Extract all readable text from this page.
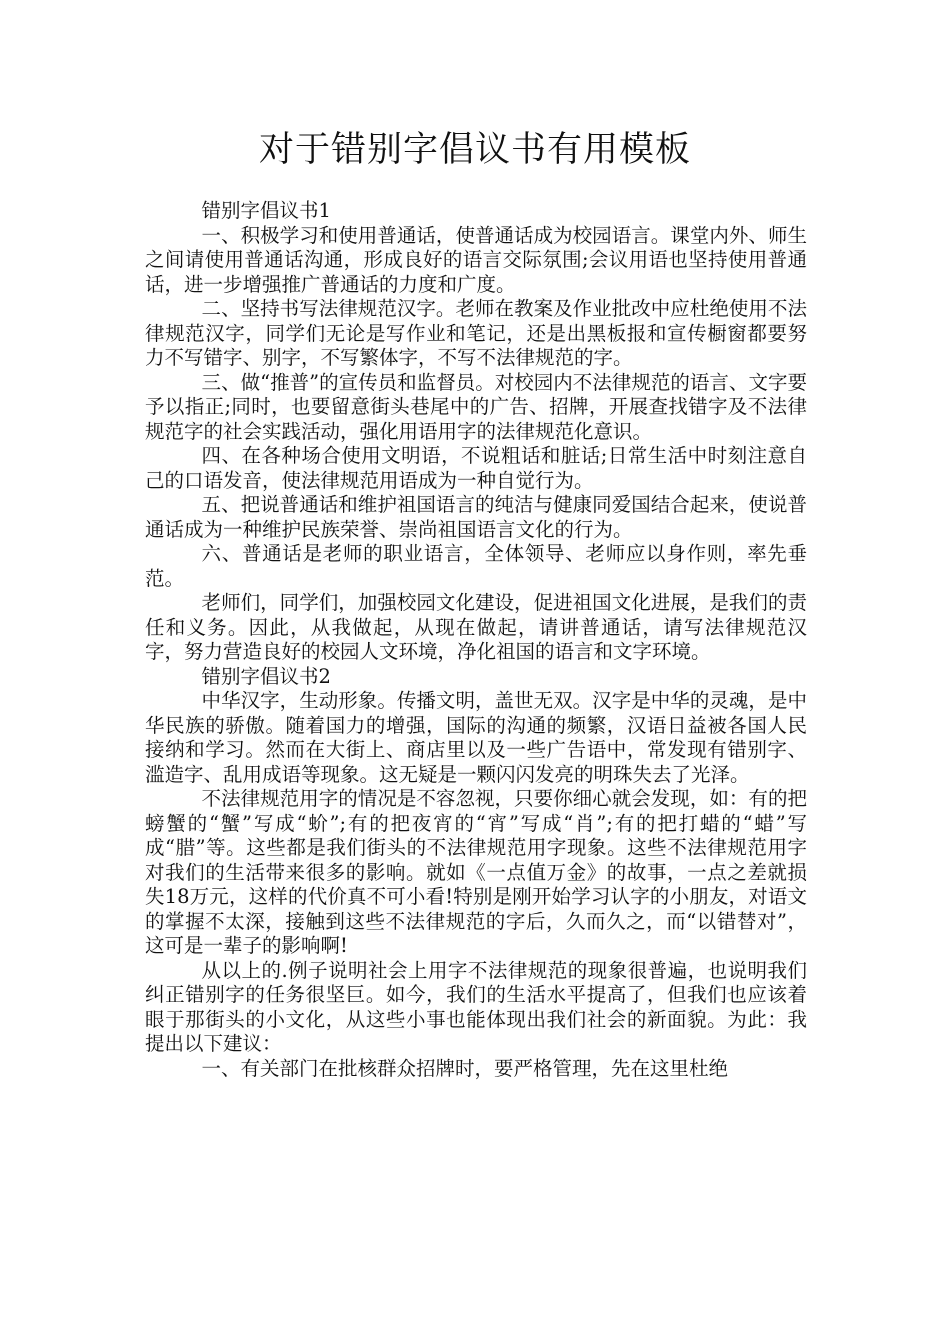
对于错别字倡议书有用模板

错别字倡议书1

一、积极学习和使用普通话，使普通话成为校园语言。课堂内外、师生之间请使用普通话沟通，形成良好的语言交际氛围;会议用语也坚持使用普通话，进一步增强推广普通话的力度和广度。

二、坚持书写法律规范汉字。老师在教案及作业批改中应杜绝使用不法律规范汉字，同学们无论是写作业和笔记，还是出黑板报和宣传橱窗都要努力不写错字、别字，不写繁体字，不写不法律规范的字。

三、做“推普”的宣传员和监督员。对校园内不法律规范的语言、文字要予以指正;同时，也要留意街头巷尾中的广告、招牌，开展查找错字及不法律规范字的社会实践活动，强化用语用字的法律规范化意识。

四、在各种场合使用文明语，不说粗话和脏话;日常生活中时刻注意自己的口语发音，使法律规范用语成为一种自觉行为。

五、把说普通话和维护祖国语言的纯洁与健康同爱国结合起来，使说普通话成为一种维护民族荣誉、崇尚祖国语言文化的行为。

六、普通话是老师的职业语言，全体领导、老师应以身作则，率先垂范。

老师们，同学们，加强校园文化建设，促进祖国文化进展，是我们的责任和义务。因此，从我做起，从现在做起，请讲普通话，请写法律规范汉字，努力营造良好的校园人文环境，净化祖国的语言和文字环境。

错别字倡议书2

中华汉字，生动形象。传播文明，盖世无双。汉字是中华的灵魂，是中华民族的骄傲。随着国力的增强，国际的沟通的频繁，汉语日益被各国人民接纳和学习。然而在大街上、商店里以及一些广告语中，常发现有错别字、滥造字、乱用成语等现象。这无疑是一颗闪闪发亮的明珠失去了光泽。

不法律规范用字的情况是不容忽视，只要你细心就会发现，如：有的把螃蟹的“蟹”写成“蚧”;有的把夜宵的“宵”写成“肖”;有的把打蜡的“蜡”写成“腊”等。这些都是我们街头的不法律规范用字现象。这些不法律规范用字对我们的生活带来很多的影响。就如《一点值万金》的故事，一点之差就损失18万元，这样的代价真不可小看!特别是刚开始学习认字的小朋友，对语文的掌握不太深，接触到这些不法律规范的字后，久而久之，而“以错替对”，这可是一辈子的影响啊!

从以上的.例子说明社会上用字不法律规范的现象很普遍，也说明我们纠正错别字的任务很坚巨。如今，我们的生活水平提高了，但我们也应该着眼于那街头的小文化，从这些小事也能体现出我们社会的新面貌。为此：我提出以下建议：

一、有关部门在批核群众招牌时，要严格管理，先在这里杜绝
